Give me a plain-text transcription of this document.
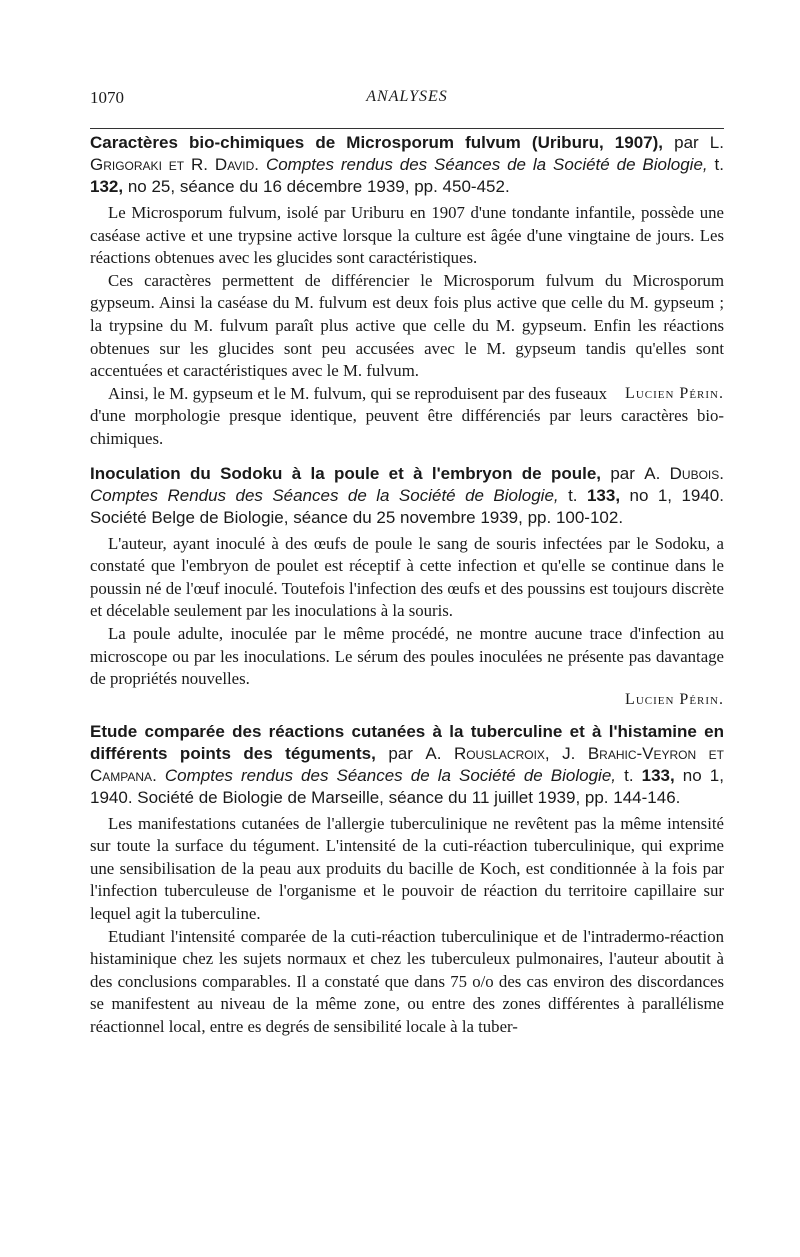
1070	ANALYSES

Caractères bio-chimiques de Microsporum fulvum (Uriburu, 1907), par L. Grigoraki et R. David. Comptes rendus des Séances de la Société de Biologie, t. 132, no 25, séance du 16 décembre 1939, pp. 450-452.

Le Microsporum fulvum, isolé par Uriburu en 1907 d'une tondante infantile, possède une caséase active et une trypsine active lorsque la culture est âgée d'une vingtaine de jours. Les réactions obtenues avec les glucides sont caractéristiques.

Ces caractères permettent de différencier le Microsporum fulvum du Microsporum gypseum. Ainsi la caséase du M. fulvum est deux fois plus active que celle du M. gypseum ; la trypsine du M. fulvum paraît plus active que celle du M. gypseum. Enfin les réactions obtenues sur les glucides sont peu accusées avec le M. gypseum tandis qu'elles sont accentuées et caractéristiques avec le M. fulvum.

Lucien Périn.
Ainsi, le M. gypseum et le M. fulvum, qui se reproduisent par des fuseaux d'une morphologie presque identique, peuvent être différenciés par leurs caractères bio-chimiques.

Inoculation du Sodoku à la poule et à l'embryon de poule, par A. Dubois. Comptes Rendus des Séances de la Société de Biologie, t. 133, no 1, 1940. Société Belge de Biologie, séance du 25 novembre 1939, pp. 100-102.

L'auteur, ayant inoculé à des œufs de poule le sang de souris infectées par le Sodoku, a constaté que l'embryon de poulet est réceptif à cette infection et qu'elle se continue dans le poussin né de l'œuf inoculé. Toutefois l'infection des œufs et des poussins est toujours discrète et décelable seulement par les inoculations à la souris.

La poule adulte, inoculée par le même procédé, ne montre aucune trace d'infection au microscope ou par les inoculations. Le sérum des poules inoculées ne présente pas davantage de propriétés nouvelles.

Lucien Périn.

Etude comparée des réactions cutanées à la tuberculine et à l'histamine en différents points des téguments, par A. Rouslacroix, J. Brahic-Veyron et Campana. Comptes rendus des Séances de la Société de Biologie, t. 133, no 1, 1940. Société de Biologie de Marseille, séance du 11 juillet 1939, pp. 144-146.

Les manifestations cutanées de l'allergie tuberculinique ne revêtent pas la même intensité sur toute la surface du tégument. L'intensité de la cuti-réaction tuberculinique, qui exprime une sensibilisation de la peau aux produits du bacille de Koch, est conditionnée à la fois par l'infection tuberculeuse de l'organisme et le pouvoir de réaction du territoire capillaire sur lequel agit la tuberculine.

Etudiant l'intensité comparée de la cuti-réaction tuberculinique et de l'intradermo-réaction histaminique chez les sujets normaux et chez les tuberculeux pulmonaires, l'auteur aboutit à des conclusions comparables. Il a constaté que dans 75 o/o des cas environ des discordances se manifestent au niveau de la même zone, ou entre des zones différentes à parallélisme réactionnel local, entre es degrés de sensibilité locale à la tuber-
